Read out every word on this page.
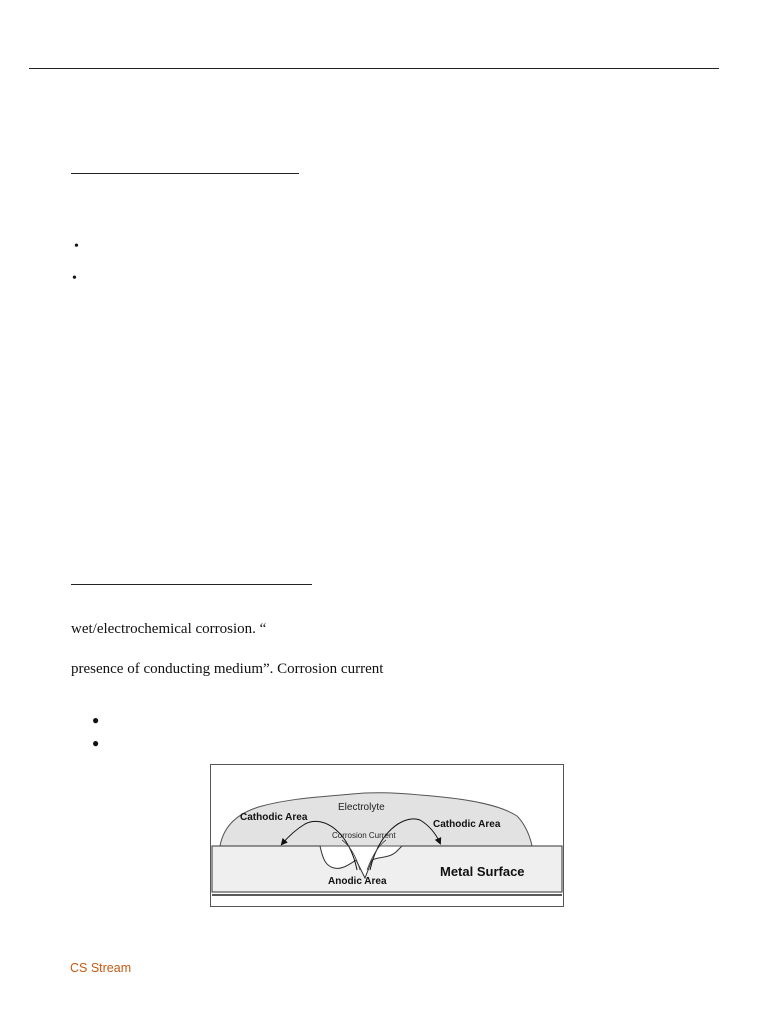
•
•
wet/electrochemical corrosion. “
presence of conducting medium”. Corrosion current
●
●
Electrolyte
Cathodic Area
Cathodic Area
Corrosion Current
Anodic Area
Metal Surface
CS Stream
